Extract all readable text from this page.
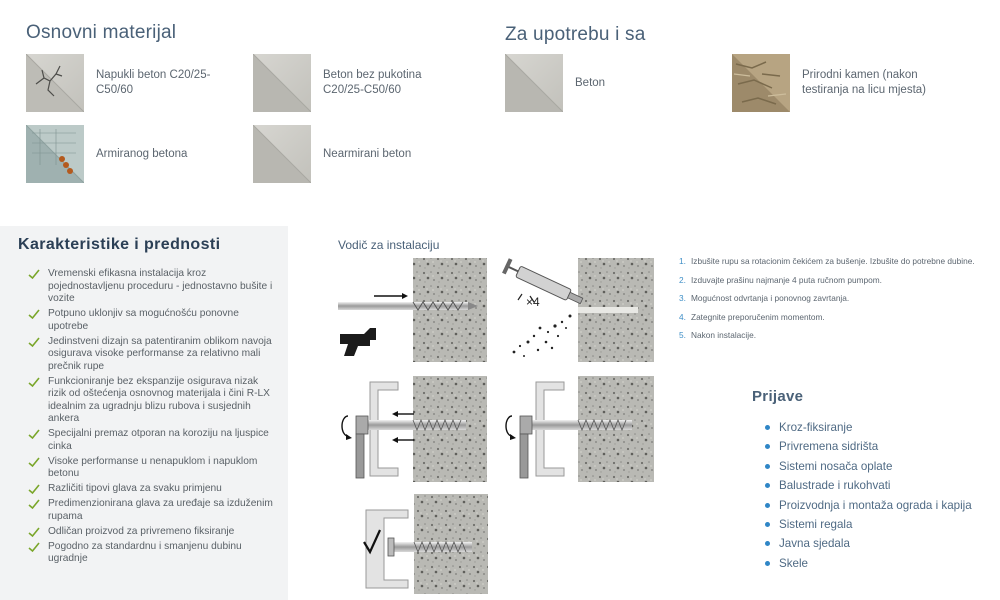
Osnovni materijal
Napukli beton C20/25-C50/60
Beton bez pukotina C20/25-C50/60
Armiranog betona	Nearmirani beton
Za upotrebu i sa
Beton
Prirodni kamen (nakon testiranja na licu mjesta)
Karakteristike i prednosti
Vremenski efikasna instalacija kroz pojednostavljenu proceduru - jednostavno bušite i vozite
Potpuno uklonjiv sa mogućnošću ponovne upotrebe
Jedinstveni dizajn sa patentiranim oblikom navoja osigurava visoke performanse za relativno mali prečnik rupe
Funkcioniranje bez ekspanzije osigurava nizak rizik od oštećenja osnovnog materijala i čini R-LX idealnim za ugradnju blizu rubova i susjednih ankera
Specijalni premaz otporan na koroziju na ljuspice cinka
Visoke performanse u nenapuklom i napuklom betonu
Različiti tipovi glava za svaku primjenu
Predimenzionirana glava za uređaje sa izduženim rupama
Odličan proizvod za privremeno fiksiranje
Pogodno za standardnu i smanjenu dubinu ugradnje
Vodič za instalaciju
×4
1. Izbušite rupu sa rotacionim čekićem za bušenje. Izbušite do potrebne dubine.
2. Izduvajte prašinu najmanje 4 puta ručnom pumpom.
3. Mogućnost odvrtanja i ponovnog zavrtanja.
4. Zategnite preporučenim momentom.
5. Nakon instalacije.
Prijave
Kroz-fiksiranje
Privremena sidrišta
Sistemi nosača oplate
Balustrade i rukohvati
Proizvodnja i montaža ograda i kapija
Sistemi regala
Javna sjedala
Skele
